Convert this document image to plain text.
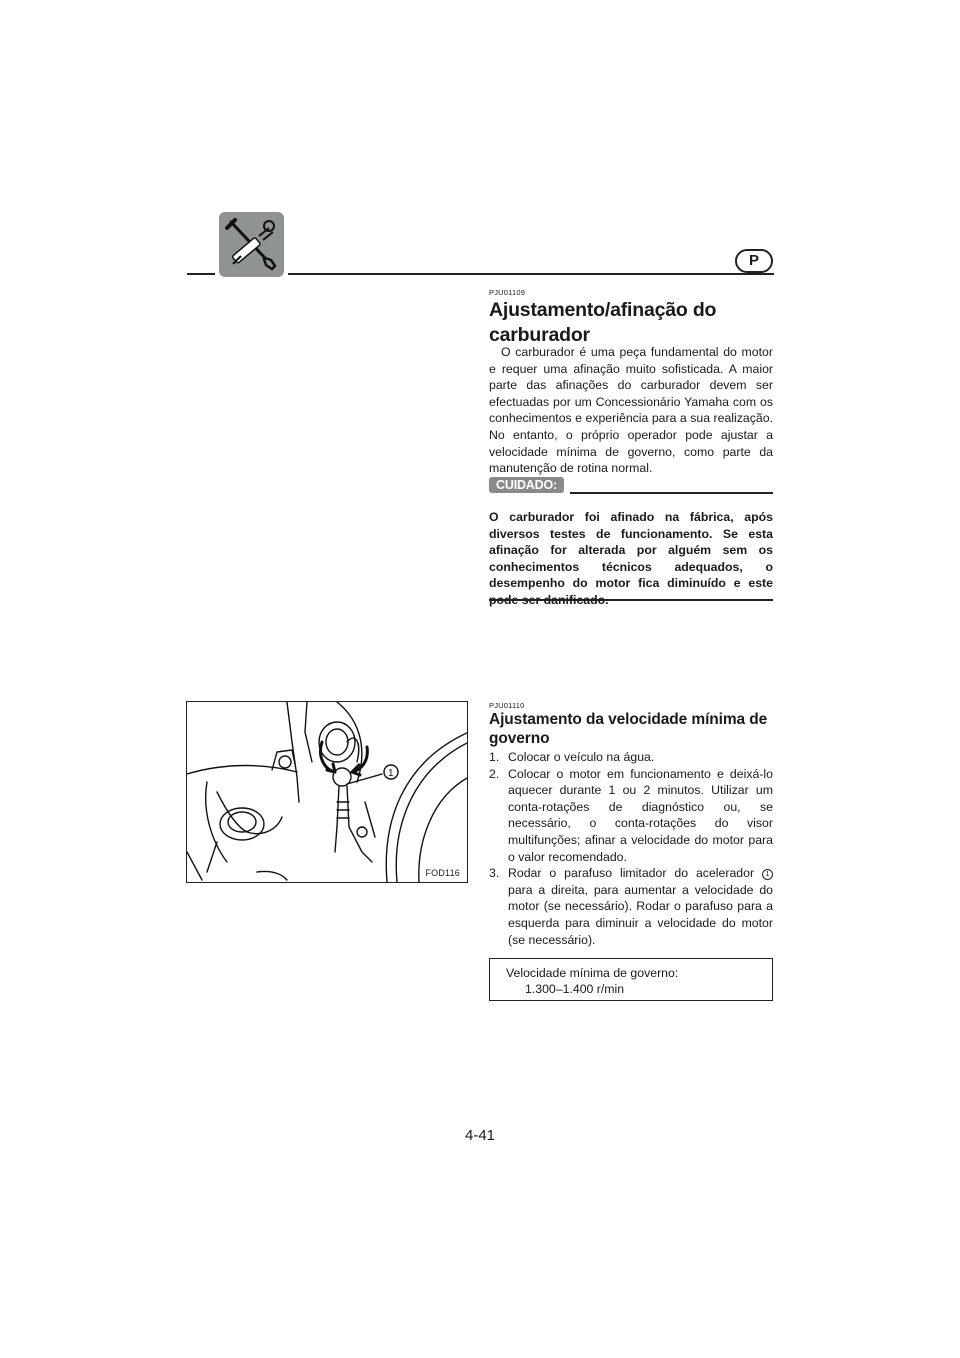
P
PJU01109
Ajustamento/afinação do
carburador
O carburador é uma peça fundamental do motor e requer uma afinação muito sofisticada. A maior parte das afinações do carburador devem ser efectuadas por um Concessionário Yamaha com os conhecimentos e experiência para a sua realização. No entanto, o próprio operador pode ajustar a velocidade mínima de governo, como parte da manutenção de rotina normal.
CUIDADO:
O carburador foi afinado na fábrica, após diversos testes de funcionamento. Se esta afinação for alterada por alguém sem os conhecimentos técnicos adequados, o desempenho do motor fica diminuído e este
1
FOD116
PJU01110
Ajustamento da velocidade mínima de governo
1. Colocar o veículo na água.
2. Colocar o motor em funcionamento e deixá-lo aquecer durante 1 ou 2 minutos. Utilizar um conta-rotações de diagnóstico ou, se necessário, o conta-rotações do visor multifunções; afinar a velocidade do motor para o valor recomendado.
3. Rodar o parafuso limitador do acelerador 1 para a direita, para aumentar a velocidade do motor (se necessário). Rodar o parafuso para a esquerda para diminuir a velocidade do motor (se necessário).
Velocidade mínima de governo:
1.300–1.400 r/min
4-41
